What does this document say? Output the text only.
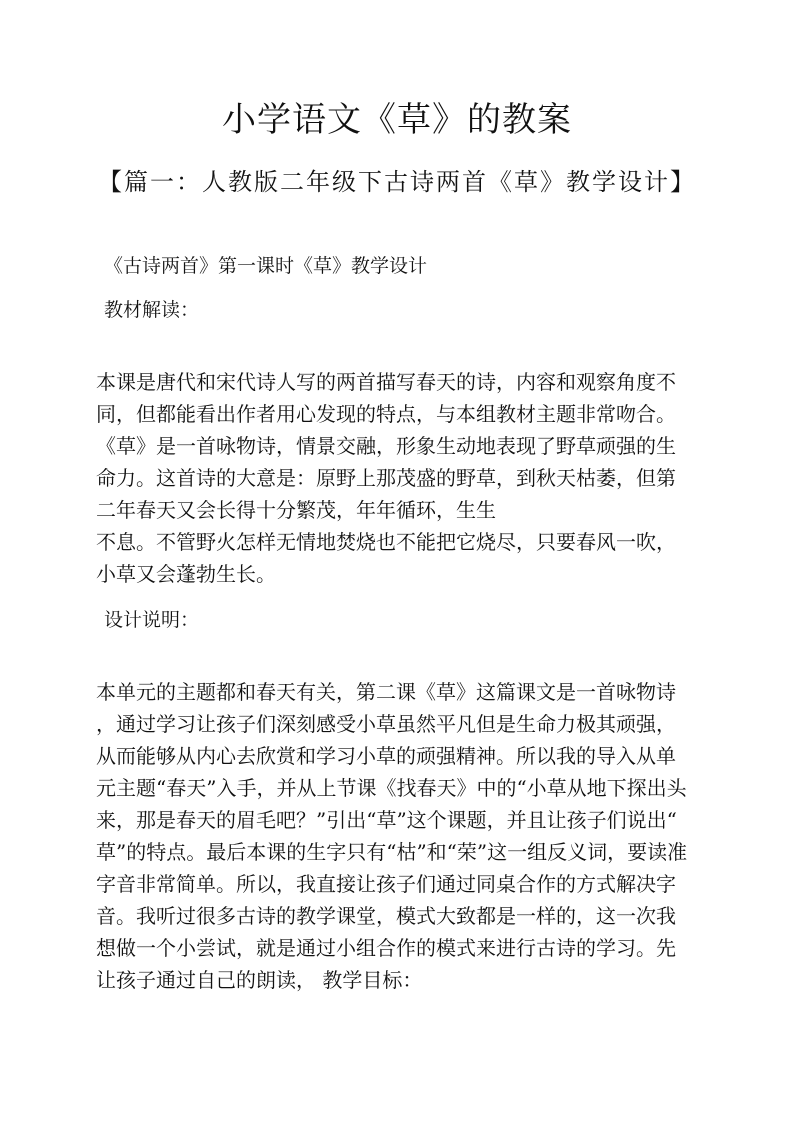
小学语文《草》的教案
【篇一：人教版二年级下古诗两首《草》教学设计】
《古诗两首》第一课时《草》教学设计
教材解读：
本课是唐代和宋代诗人写的两首描写春天的诗，内容和观察角度不
同，但都能看出作者用心发现的特点，与本组教材主题非常吻合。
《草》是一首咏物诗，情景交融，形象生动地表现了野草顽强的生
命力。这首诗的大意是：原野上那茂盛的野草，到秋天枯萎，但第
二年春天又会长得十分繁茂，年年循环，生生
不息。不管野火怎样无情地焚烧也不能把它烧尽，只要春风一吹，
小草又会蓬勃生长。
设计说明：
本单元的主题都和春天有关，第二课《草》这篇课文是一首咏物诗
，通过学习让孩子们深刻感受小草虽然平凡但是生命力极其顽强，
从而能够从内心去欣赏和学习小草的顽强精神。所以我的导入从单
元主题“春天”入手，并从上节课《找春天》中的“小草从地下探出头
来，那是春天的眉毛吧？”引出“草”这个课题，并且让孩子们说出“
草”的特点。最后本课的生字只有“枯”和“荣”这一组反义词，要读准
字音非常简单。所以，我直接让孩子们通过同桌合作的方式解决字
音。我听过很多古诗的教学课堂，模式大致都是一样的，这一次我
想做一个小尝试，就是通过小组合作的模式来进行古诗的学习。先
让孩子通过自己的朗读， 教学目标：
